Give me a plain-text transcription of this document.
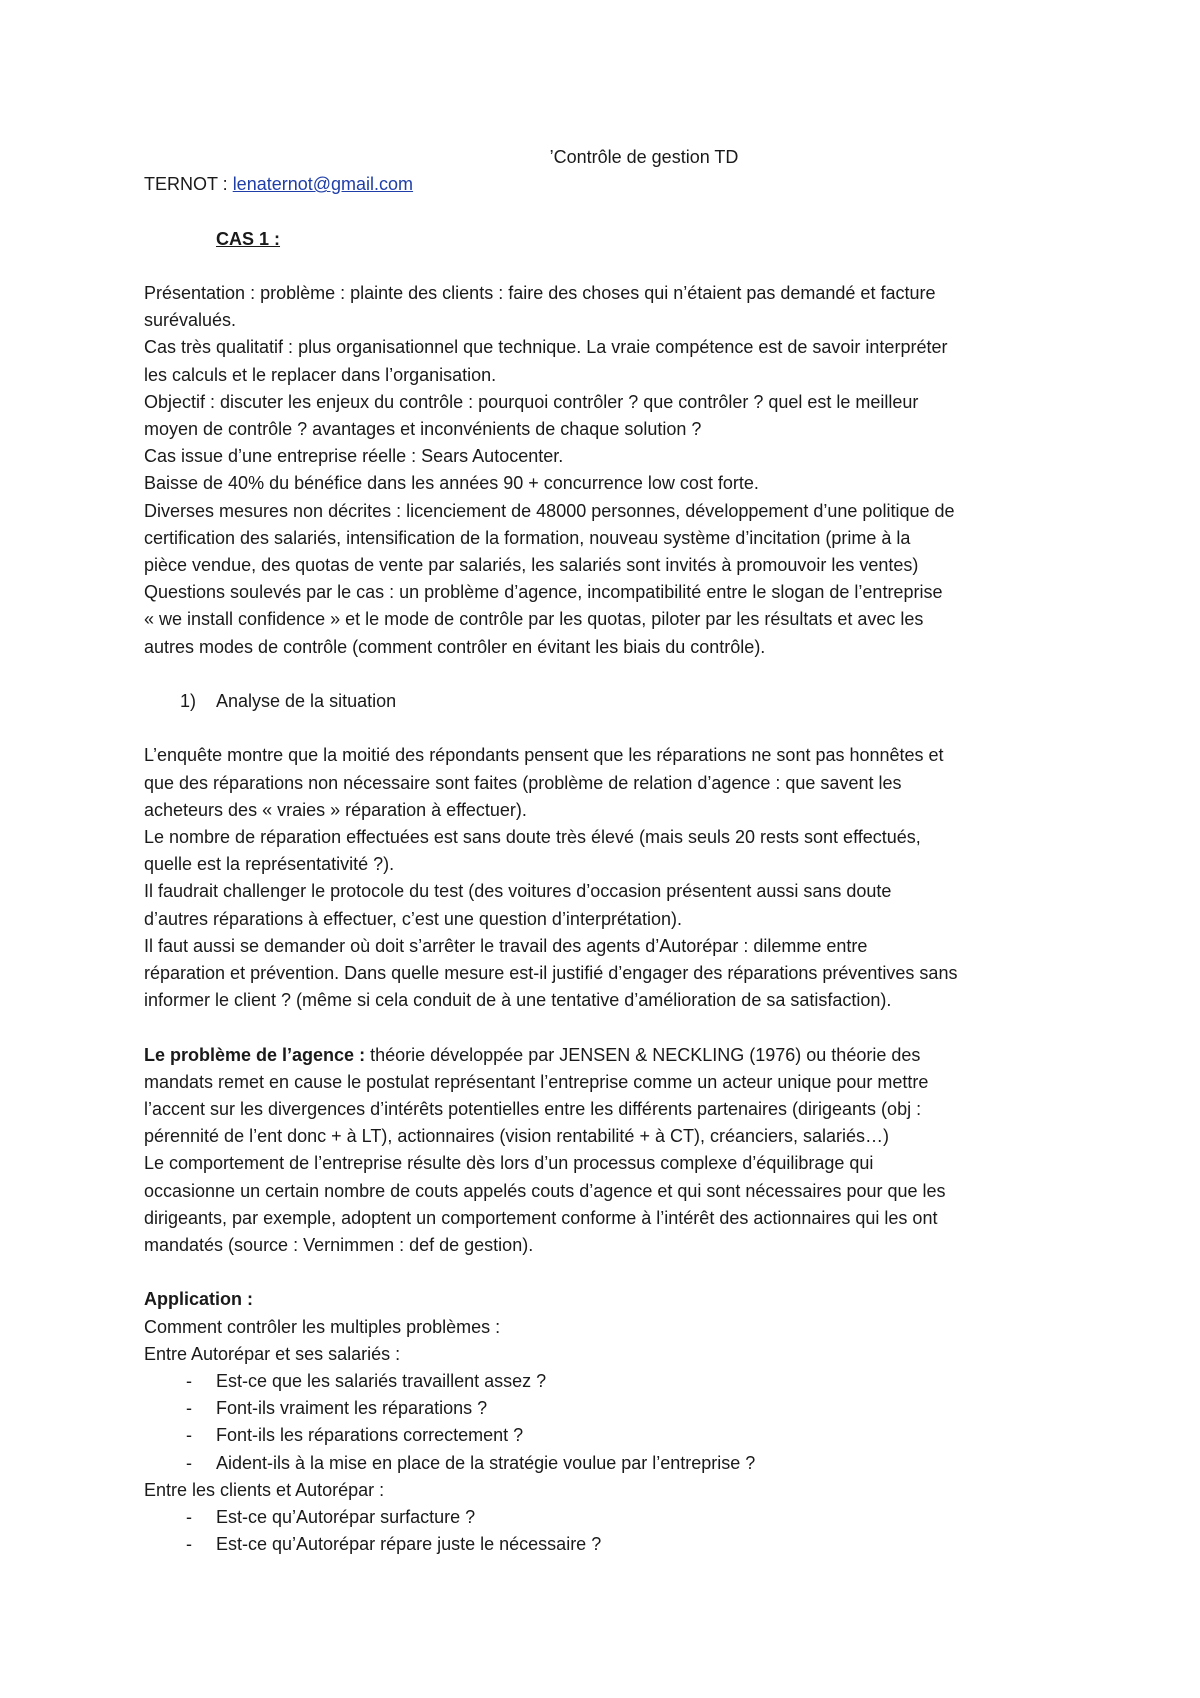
’Contrôle de gestion TD
TERNOT : lenaternot@gmail.com
CAS 1 :
Présentation : problème : plainte des clients : faire des choses qui n’étaient pas demandé et facture
surévalués.
Cas très qualitatif : plus organisationnel que technique. La vraie compétence est de savoir interpréter
les calculs et le replacer dans l’organisation.
Objectif : discuter les enjeux du contrôle : pourquoi contrôler ? que contrôler ? quel est le meilleur
moyen de contrôle ? avantages et inconvénients de chaque solution ?
Cas issue d’une entreprise réelle : Sears Autocenter.
Baisse de 40% du bénéfice dans les années 90 + concurrence low cost forte.
Diverses mesures non décrites : licenciement de 48000 personnes, développement d’une politique de
certification des salariés, intensification de la formation, nouveau système d’incitation (prime à la
pièce vendue, des quotas de vente par salariés, les salariés sont invités à promouvoir les ventes)
Questions soulevés par le cas : un problème d’agence, incompatibilité entre le slogan de l’entreprise
« we install confidence » et le mode de contrôle par les quotas, piloter par les résultats et avec les
autres modes de contrôle (comment contrôler en évitant les biais du contrôle).
1)	Analyse de la situation
L’enquête montre que la moitié des répondants pensent que les réparations ne sont pas honnêtes et
que des réparations non nécessaire sont faites (problème de relation d’agence : que savent les
acheteurs des « vraies » réparation à effectuer).
Le nombre de réparation effectuées est sans doute très élevé (mais seuls 20 rests sont effectués,
quelle est la représentativité ?).
Il faudrait challenger le protocole du test (des voitures d’occasion présentent aussi sans doute
d’autres réparations à effectuer, c’est une question d’interprétation).
Il faut aussi se demander où doit s’arrêter le travail des agents d’Autorépar : dilemme entre
réparation et prévention. Dans quelle mesure est-il justifié d’engager des réparations préventives sans
informer le client ? (même si cela conduit de à une tentative d’amélioration de sa satisfaction).
Le problème de l’agence : théorie développée par JENSEN & NECKLING (1976) ou théorie des
mandats remet en cause le postulat représentant l’entreprise comme un acteur unique pour mettre
l’accent sur les divergences d’intérêts potentielles entre les différents partenaires (dirigeants (obj :
pérennité de l’ent donc + à LT), actionnaires (vision rentabilité + à CT), créanciers, salariés…)
Le comportement de l’entreprise résulte dès lors d’un processus complexe d’équilibrage qui
occasionne un certain nombre de couts appelés couts d’agence et qui sont nécessaires pour que les
dirigeants, par exemple, adoptent un comportement conforme à l’intérêt des actionnaires qui les ont
mandatés (source : Vernimmen : def de gestion).
Application :
Comment contrôler les multiples problèmes :
Entre Autorépar et ses salariés :
-	Est-ce que les salariés travaillent assez ?
-	Font-ils vraiment les réparations ?
-	Font-ils les réparations correctement ?
-	Aident-ils à la mise en place de la stratégie voulue par l’entreprise ?
Entre les clients et Autorépar :
-	Est-ce qu’Autorépar surfacture ?
-	Est-ce qu’Autorépar répare juste le nécessaire ?
